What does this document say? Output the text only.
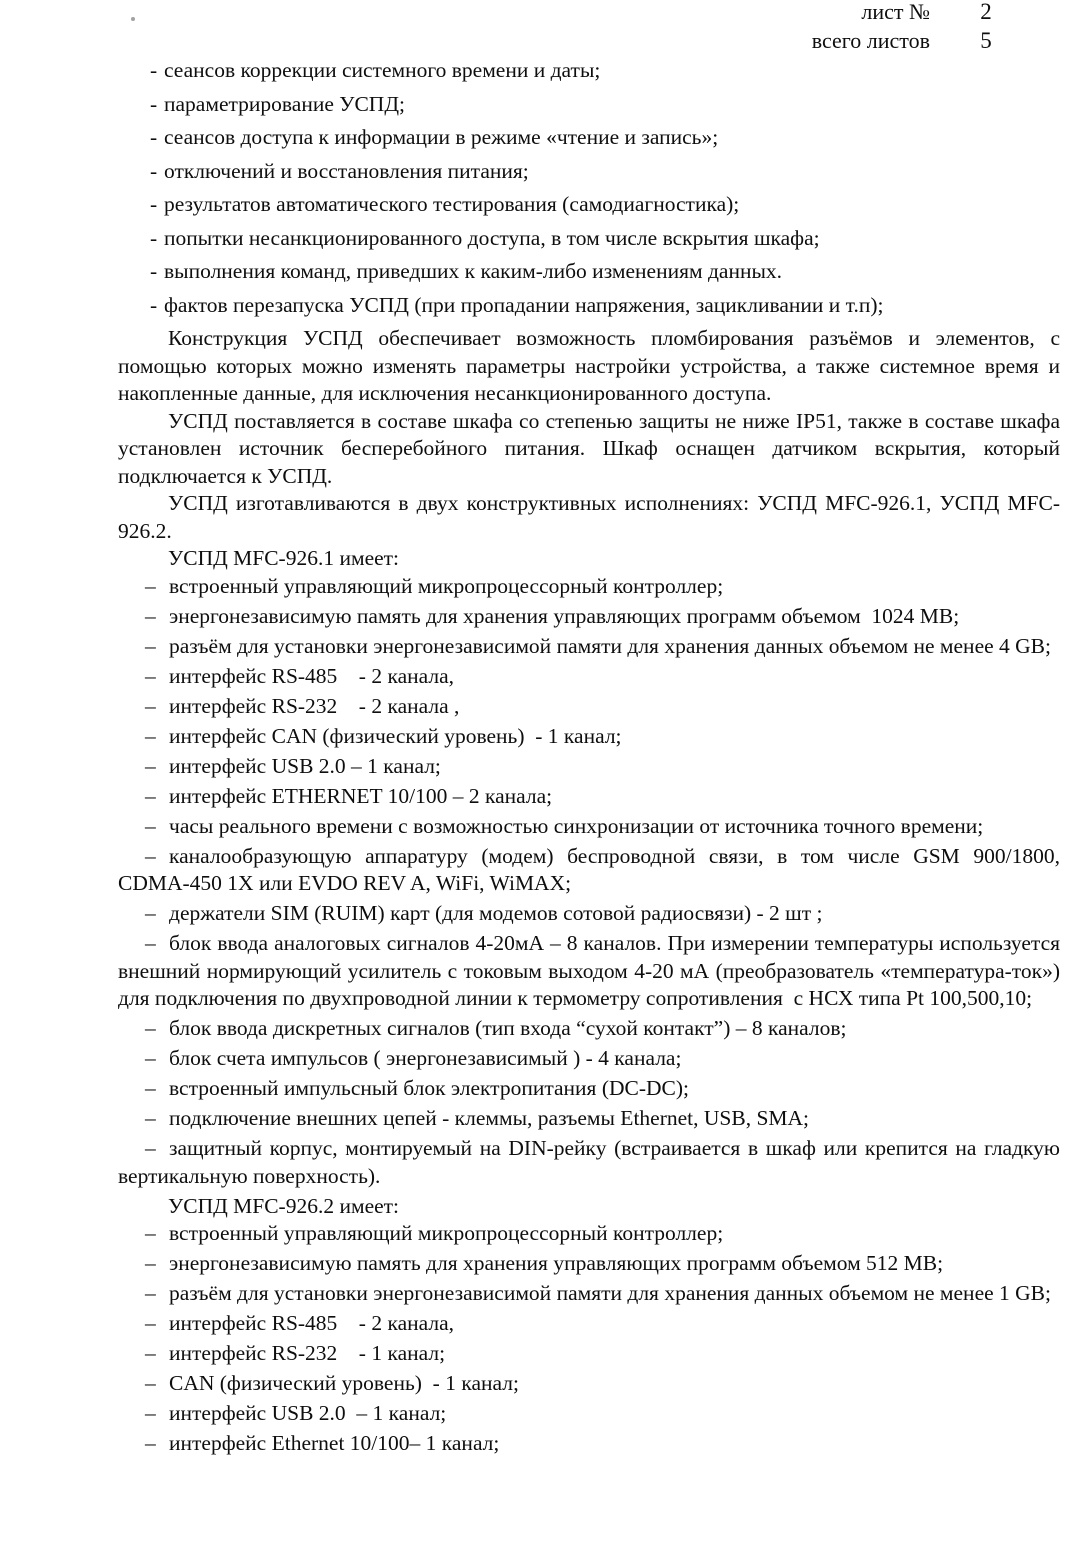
лист №	2
всего листов	5

- сеансов коррекции системного времени и даты;

- параметрирование УСПД;

- сеансов доступа к информации в режиме «чтение и запись»;

- отключений и восстановления питания;

- результатов автоматического тестирования (самодиагностика);

- попытки несанкционированного доступа, в том числе вскрытия шкафа;

- выполнения команд, приведших к каким-либо изменениям данных.

- фактов перезапуска УСПД (при пропадании напряжения, зацикливании и т.п);

Конструкция УСПД обеспечивает возможность пломбирования разъёмов и элементов, с помощью которых можно изменять параметры настройки устройства, а также системное время и накопленные данные, для исключения несанкционированного доступа.

УСПД поставляется в составе шкафа со степенью защиты не ниже IP51, также в составе шкафа установлен источник бесперебойного питания. Шкаф оснащен датчиком вскрытия, который подключается к УСПД.

УСПД изготавливаются в двух конструктивных исполнениях: УСПД MFC-926.1, УСПД MFC-926.2.

УСПД MFC-926.1 имеет:

– встроенный управляющий микропроцессорный контроллер;

– энергонезависимую память для хранения управляющих программ объемом  1024 MB;

– разъём для установки энергонезависимой памяти для хранения данных объемом не менее 4 GB;

– интерфейс RS-485    - 2 канала,

– интерфейс RS-232    - 2 канала ,

– интерфейс CAN (физический уровень)  - 1 канал;

– интерфейс USB 2.0 – 1 канал;

– интерфейс ETHERNET 10/100 – 2 канала;

– часы реального времени с возможностью синхронизации от источника точного времени;

– каналообразующую аппаратуру (модем) беспроводной связи, в том числе GSM 900/1800, CDMA-450 1X или EVDO REV A, WiFi, WiMAX;

– держатели SIM (RUIM) карт (для модемов сотовой радиосвязи) - 2 шт ;

– блок ввода аналоговых сигналов 4-20мА – 8 каналов. При измерении температуры используется внешний нормирующий усилитель с токовым выходом 4-20 мА (преобразователь «температура-ток») для подключения по двухпроводной линии к термометру сопротивления  с НСХ типа Pt 100,500,10;

– блок ввода дискретных сигналов (тип входа “сухой контакт”) – 8 каналов;

– блок счета импульсов ( энергонезависимый ) - 4 канала;

– встроенный импульсный блок электропитания (DC-DC);

– подключение внешних цепей - клеммы, разъемы Ethernet, USB, SMA;

– защитный корпус, монтируемый на DIN-рейку (встраивается в шкаф или крепится на гладкую вертикальную поверхность).

УСПД MFC-926.2 имеет:

– встроенный управляющий микропроцессорный контроллер;

– энергонезависимую память для хранения управляющих программ объемом 512 MB;

– разъём для установки энергонезависимой памяти для хранения данных объемом не менее 1 GB;

– интерфейс RS-485    - 2 канала,

– интерфейс RS-232    - 1 канал;

– CAN (физический уровень)  - 1 канал;

– интерфейс USB 2.0  – 1 канал;

– интерфейс Ethernet 10/100– 1 канал;
